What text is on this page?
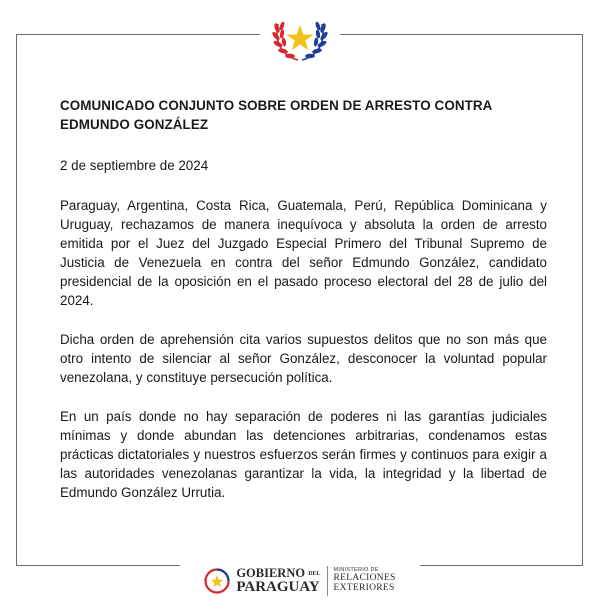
COMUNICADO CONJUNTO SOBRE ORDEN DE ARRESTO CONTRA EDMUNDO GONZÁLEZ
2 de septiembre de 2024

Paraguay, Argentina, Costa Rica, Guatemala, Perú, República Dominicana y Uruguay, rechazamos de manera inequívoca y absoluta la orden de arresto emitida por el Juez del Juzgado Especial Primero del Tribunal Supremo de Justicia de Venezuela en contra del señor Edmundo González, candidato presidencial de la oposición en el pasado proceso electoral del 28 de julio del 2024.

Dicha orden de aprehensión cita varios supuestos delitos que no son más que otro intento de silenciar al señor González, desconocer la voluntad popular venezolana, y constituye persecución política.

En un país donde no hay separación de poderes ni las garantías judiciales mínimas y donde abundan las detenciones arbitrarias, condenamos estas prácticas dictatoriales y nuestros esfuerzos serán firmes y continuos para exigir a las autoridades venezolanas garantizar la vida, la integridad y la libertad de Edmundo González Urrutia.

GOBIERNO DEL
PARAGUAY
MINISTERIO DE
RELACIONES
EXTERIORES
